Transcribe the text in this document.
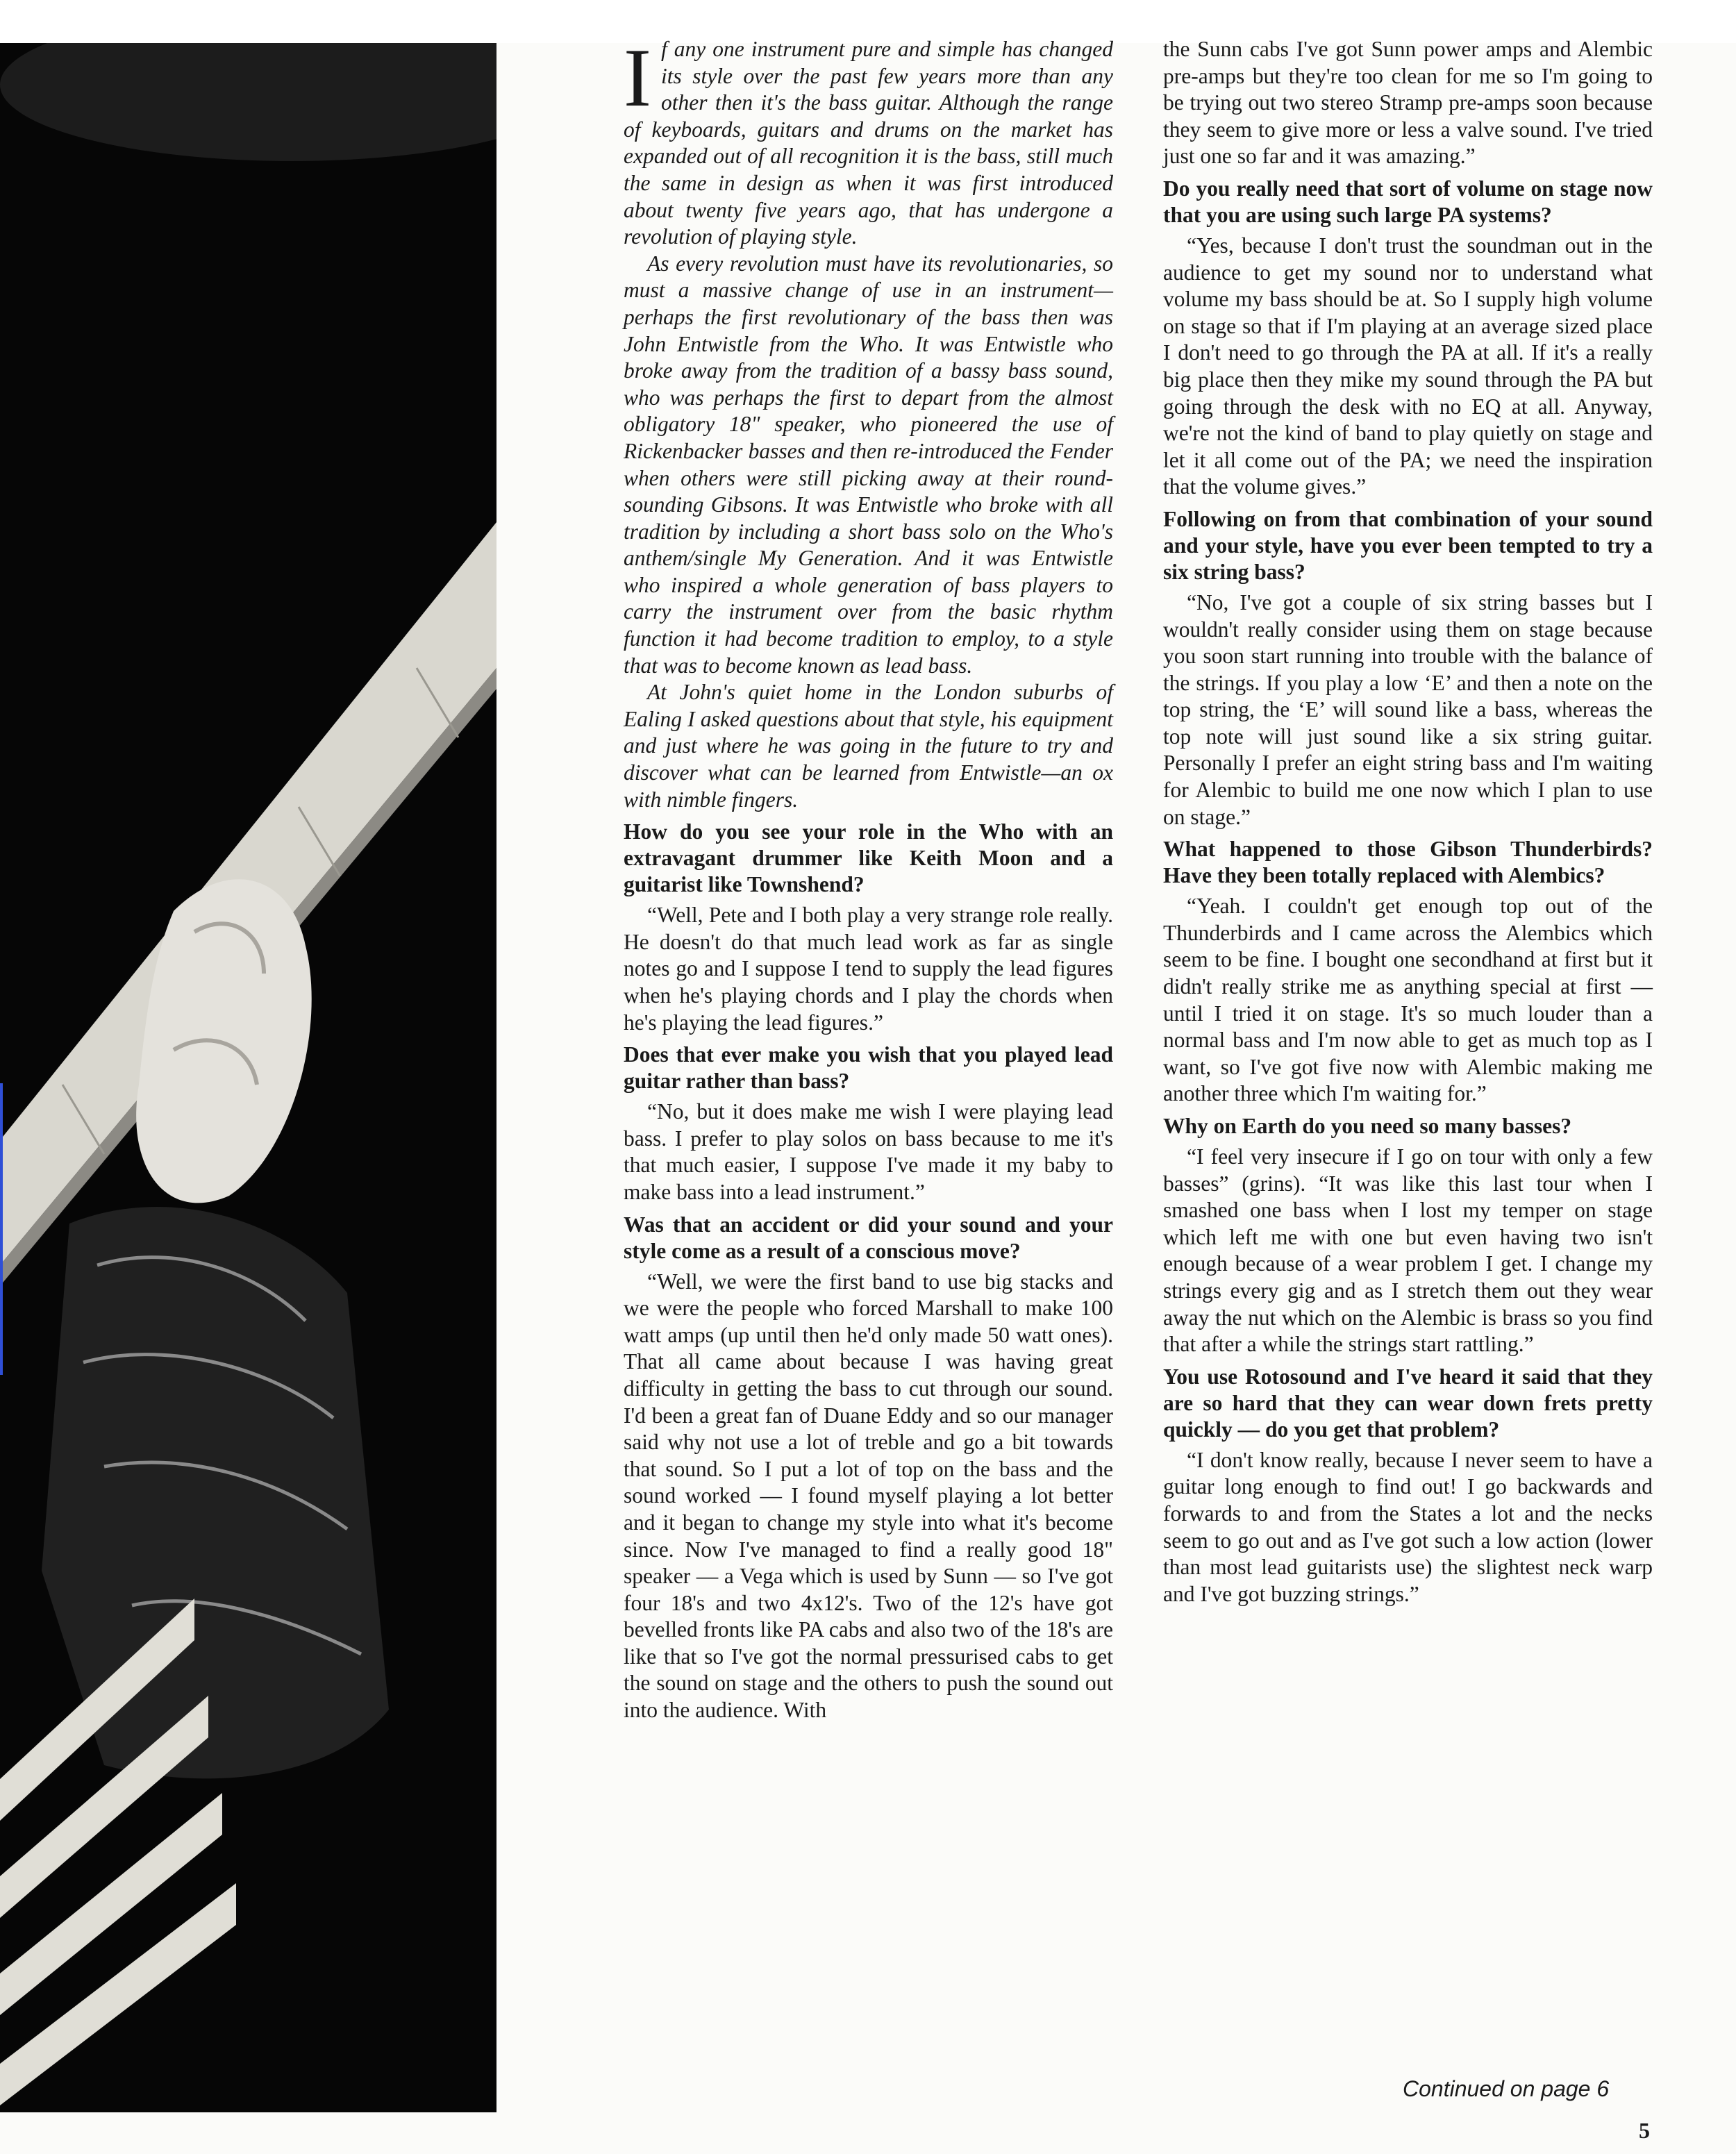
If any one instrument pure and simple has changed its style over the past few years more than any other then it's the bass guitar. Although the range of keyboards, guitars and drums on the market has expanded out of all recognition it is the bass, still much the same in design as when it was first introduced about twenty five years ago, that has undergone a revolution of playing style.

As every revolution must have its revolutionaries, so must a massive change of use in an instrument—perhaps the first revolutionary of the bass then was John Entwistle from the Who. It was Entwistle who broke away from the tradition of a bassy bass sound, who was perhaps the first to depart from the almost obligatory 18" speaker, who pioneered the use of Rickenbacker basses and then re-introduced the Fender when others were still picking away at their round-sounding Gibsons. It was Entwistle who broke with all tradition by including a short bass solo on the Who's anthem/single My Generation. And it was Entwistle who inspired a whole generation of bass players to carry the instrument over from the basic rhythm function it had become tradition to employ, to a style that was to become known as lead bass.

At John's quiet home in the London suburbs of Ealing I asked questions about that style, his equipment and just where he was going in the future to try and discover what can be learned from Entwistle—an ox with nimble fingers.

How do you see your role in the Who with an extravagant drummer like Keith Moon and a guitarist like Townshend?

“Well, Pete and I both play a very strange role really. He doesn't do that much lead work as far as single notes go and I suppose I tend to supply the lead figures when he's playing chords and I play the chords when he's playing the lead figures.”

Does that ever make you wish that you played lead guitar rather than bass?

“No, but it does make me wish I were playing lead bass. I prefer to play solos on bass because to me it's that much easier, I suppose I've made it my baby to make bass into a lead instrument.”

Was that an accident or did your sound and your style come as a result of a conscious move?

“Well, we were the first band to use big stacks and we were the people who forced Marshall to make 100 watt amps (up until then he'd only made 50 watt ones). That all came about because I was having great difficulty in getting the bass to cut through our sound. I'd been a great fan of Duane Eddy and so our manager said why not use a lot of treble and go a bit towards that sound. So I put a lot of top on the bass and the sound worked — I found myself playing a lot better and it began to change my style into what it's become since. Now I've managed to find a really good 18" speaker — a Vega which is used by Sunn — so I've got four 18's and two 4x12's. Two of the 12's have got bevelled fronts like PA cabs and also two of the 18's are like that so I've got the normal pressurised cabs to get the sound on stage and the others to push the sound out into the audience. With

the Sunn cabs I've got Sunn power amps and Alembic pre-amps but they're too clean for me so I'm going to be trying out two stereo Stramp pre-amps soon because they seem to give more or less a valve sound. I've tried just one so far and it was amazing.”

Do you really need that sort of volume on stage now that you are using such large PA systems?

“Yes, because I don't trust the soundman out in the audience to get my sound nor to understand what volume my bass should be at. So I supply high volume on stage so that if I'm playing at an average sized place I don't need to go through the PA at all. If it's a really big place then they mike my sound through the PA but going through the desk with no EQ at all. Anyway, we're not the kind of band to play quietly on stage and let it all come out of the PA; we need the inspiration that the volume gives.”

Following on from that combination of your sound and your style, have you ever been tempted to try a six string bass?

“No, I've got a couple of six string basses but I wouldn't really consider using them on stage because you soon start running into trouble with the balance of the strings. If you play a low ‘E’ and then a note on the top string, the ‘E’ will sound like a bass, whereas the top note will just sound like a six string guitar. Personally I prefer an eight string bass and I'm waiting for Alembic to build me one now which I plan to use on stage.”

What happened to those Gibson Thunderbirds? Have they been totally replaced with Alembics?

“Yeah. I couldn't get enough top out of the Thunderbirds and I came across the Alembics which seem to be fine. I bought one secondhand at first but it didn't really strike me as anything special at first — until I tried it on stage. It's so much louder than a normal bass and I'm now able to get as much top as I want, so I've got five now with Alembic making me another three which I'm waiting for.”

Why on Earth do you need so many basses?

“I feel very insecure if I go on tour with only a few basses” (grins). “It was like this last tour when I smashed one bass when I lost my temper on stage which left me with one but even having two isn't enough because of a wear problem I get. I change my strings every gig and as I stretch them out they wear away the nut which on the Alembic is brass so you find that after a while the strings start rattling.”

You use Rotosound and I've heard it said that they are so hard that they can wear down frets pretty quickly — do you get that problem?

“I don't know really, because I never seem to have a guitar long enough to find out! I go backwards and forwards to and from the States a lot and the necks seem to go out and as I've got such a low action (lower than most lead guitarists use) the slightest neck warp and I've got buzzing strings.”

Continued on page 6
5
